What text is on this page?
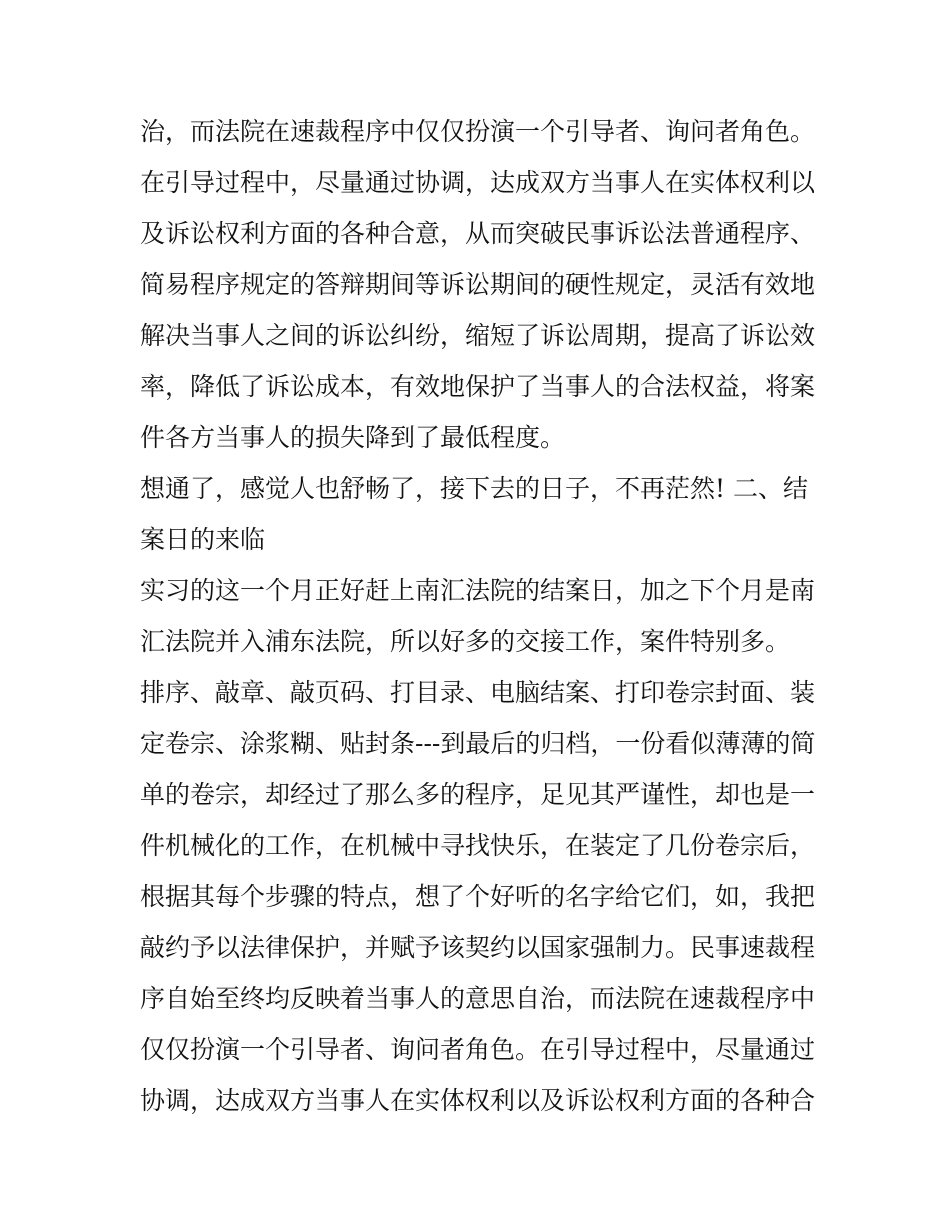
治，而法院在速裁程序中仅仅扮演一个引导者、询问者角色。
在引导过程中，尽量通过协调，达成双方当事人在实体权利以
及诉讼权利方面的各种合意，从而突破民事诉讼法普通程序、
简易程序规定的答辩期间等诉讼期间的硬性规定，灵活有效地
解决当事人之间的诉讼纠纷，缩短了诉讼周期，提高了诉讼效
率，降低了诉讼成本，有效地保护了当事人的合法权益，将案
件各方当事人的损失降到了最低程度。
想通了，感觉人也舒畅了，接下去的日子，不再茫然! 二、结
案日的来临
实习的这一个月正好赶上南汇法院的结案日，加之下个月是南
汇法院并入浦东法院，所以好多的交接工作，案件特别多。
排序、敲章、敲页码、打目录、电脑结案、打印卷宗封面、装
定卷宗、涂浆糊、贴封条---到最后的归档，一份看似薄薄的简
单的卷宗，却经过了那么多的程序，足见其严谨性，却也是一
件机械化的工作，在机械中寻找快乐，在装定了几份卷宗后，
根据其每个步骤的特点，想了个好听的名字给它们，如，我把
敲约予以法律保护，并赋予该契约以国家强制力。民事速裁程
序自始至终均反映着当事人的意思自治，而法院在速裁程序中
仅仅扮演一个引导者、询问者角色。在引导过程中，尽量通过
协调，达成双方当事人在实体权利以及诉讼权利方面的各种合
